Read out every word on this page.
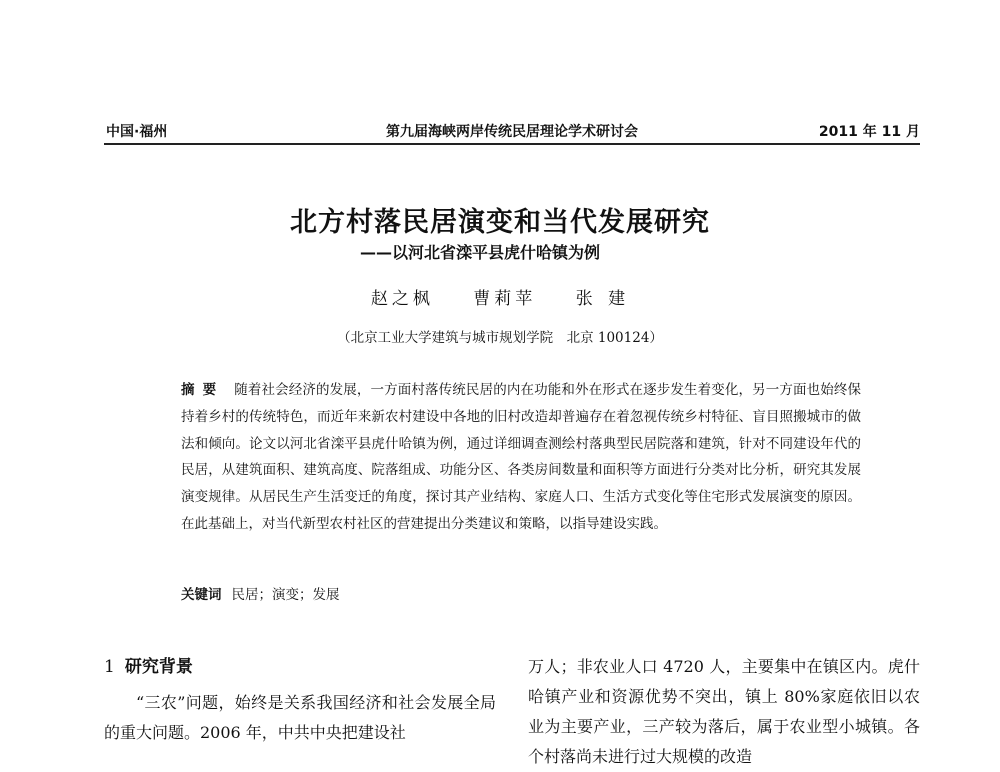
中国·福州	第九届海峡两岸传统民居理论学术研讨会	2011 年 11 月
北方村落民居演变和当代发展研究
——以河北省滦平县虎什哈镇为例
赵之枫 曹莉苹 张 建
（北京工业大学建筑与城市规划学院　北京 100124）
摘要 随着社会经济的发展，一方面村落传统民居的内在功能和外在形式在逐步发生着变化，另一方面也始终保持着乡村的传统特色，而近年来新农村建设中各地的旧村改造却普遍存在着忽视传统乡村特征、盲目照搬城市的做法和倾向。论文以河北省滦平县虎什哈镇为例，通过详细调查测绘村落典型民居院落和建筑，针对不同建设年代的民居，从建筑面积、建筑高度、院落组成、功能分区、各类房间数量和面积等方面进行分类对比分析，研究其发展演变规律。从居民生产生活变迁的角度，探讨其产业结构、家庭人口、生活方式变化等住宅形式发展演变的原因。在此基础上，对当代新型农村社区的营建提出分类建议和策略，以指导建设实践。
关键词 民居；演变；发展
1 研究背景
“三农”问题，始终是关系我国经济和社会发展全局的重大问题。2006 年，中共中央把建设社
万人；非农业人口 4720 人，主要集中在镇区内。虎什哈镇产业和资源优势不突出，镇上 80%家庭依旧以农业为主要产业，三产较为落后，属于农业型小城镇。各个村落尚未进行过大规模的改造
